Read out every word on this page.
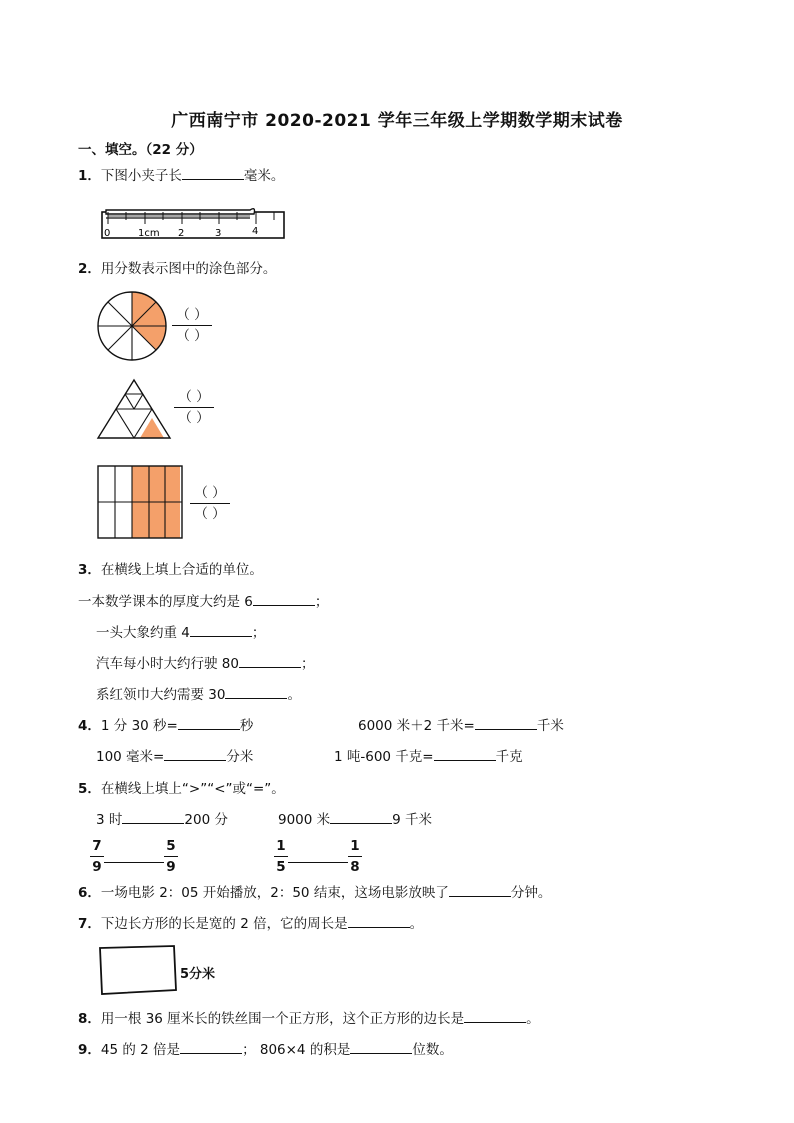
广西南宁市 2020-2021 学年三年级上学期数学期末试卷
一、填空。（22 分）
1．下图小夹子长	毫米。
0	1cm 2	3	4
2．用分数表示图中的涂色部分。
（ ）
（ ）
（ ）
（ ）
（ ）
（ ）
3．在横线上填上合适的单位。
一本数学课本的厚度大约是 6	；
一头大象约重 4	；
汽车每小时大约行驶 80	；
系红领巾大约需要 30	。
4．1 分 30 秒=	秒	6000 米＋2 千米=	千米
100 毫米=	分米	1 吨-600 千克=	千克
5．在横线上填上“>”“<”或“=”。
3 时	200 分	9000 米	9 千米
7
9
5
9
1
5
1
8
6．一场电影 2：05 开始播放，2：50 结束，这场电影放映了	分钟。
7．下边长方形的长是宽的 2 倍，它的周长是	。
5分米
8．用一根 36 厘米长的铁丝围一个正方形，这个正方形的边长是	。
9．45 的 2 倍是	； 806×4 的积是	位数。
